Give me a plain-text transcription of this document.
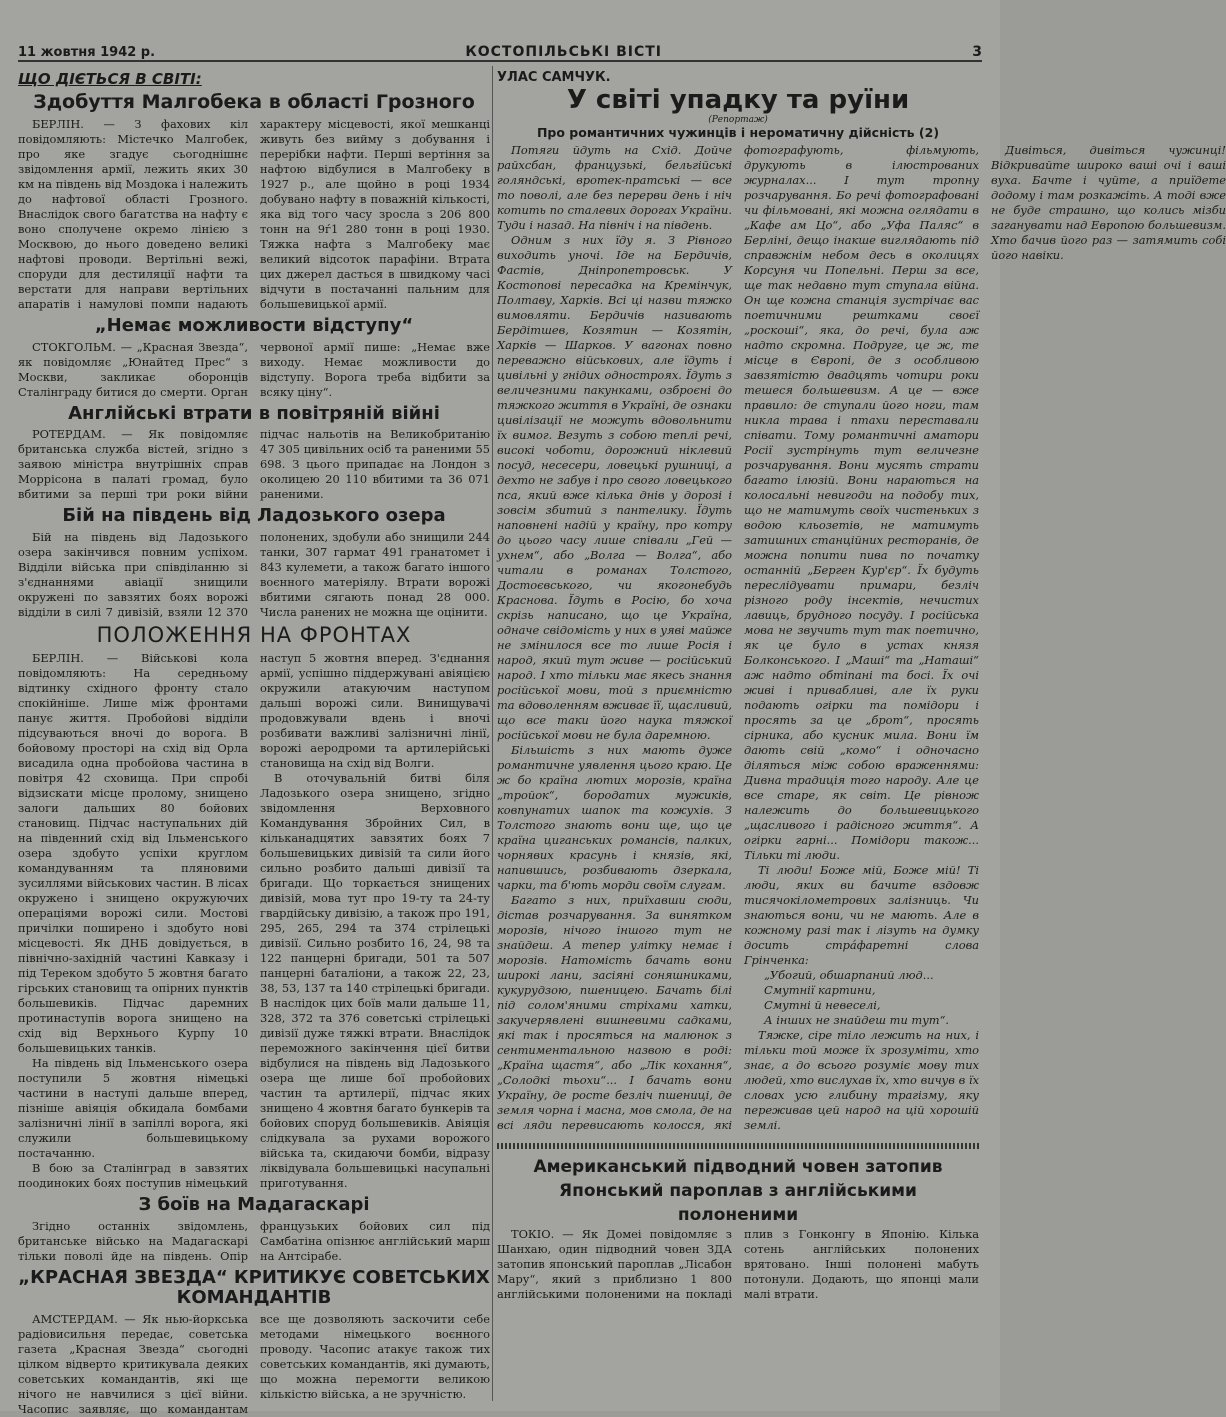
11 жовтня 1942 р.	КОСТОПІЛЬСЬКІ ВІСТІ	3
ЩО ДІЄТЬСЯ В СВІТІ:
Здобуття Малгобека в області Грозного

БЕРЛІН. — З фахових кіл повідомляють: Містечко Малгобек, про яке згадує сьогоднішнє звідомлення армії, лежить яких 30 км на південь від Моздока і належить до нафтової області Грозного. Внаслідок свого багатства на нафту є воно сполучене окремо лінією з Москвою, до нього доведено великі нафтові проводи. Вертільні вежі, споруди для дестиляції нафти та верстати для направи вертільних апаратів і намулові помпи надають характеру місцевості, якої мешканці живуть без вийму з добування і перерібки нафти. Перші вертіння за нафтою відбулися в Малгобеку в 1927 р., але щойно в році 1934 добувано нафту в поважній кількості, яка від того часу зросла з 206 800 тонн на 9ѓ1 280 тонн в році 1930. Тяжка нафта з Малгобеку має великий відсоток парафіни. Втрата цих джерел дасться в швидкому часі відчути в постачанні пальним для большевицької армії.

„Немає можливости відступу“

СТОКГОЛЬМ. — „Красная Звезда“, як повідомляє „Юнайтед Прес“ з Москви, закликає оборонців Сталінграду битися до смерти. Орган червоної армії пише: „Немає вже виходу. Немає можливости до відступу. Ворога треба відбити за всяку ціну“.

Англійські втрати в повітряній війні

РОТЕРДАМ. — Як повідомляє британська служба вістей, згідно з заявою міністра внутрішніх справ Моррісона в палаті громад, було вбитими за перші три роки війни підчас нальотів на Великобританію 47 305 цивільних осіб та раненими 55 698. З цього припадає на Лондон з околицею 20 110 вбитими та 36 071 раненими.

Бій на південь від Ладозького озера

Бій на південь від Ладозького озера закінчився повним успіхом. Відділи війська при співділанню зі з'єднаннями авіації знищили окружені по завзятих боях ворожі відділи в силі 7 дивізій, взяли 12 370 полонених, здобули або знищили 244 танки, 307 гармат 491 гранатомет і 843 кулемети, а також багато іншого воєнного матеріялу. Втрати ворожі вбитими сягають понад 28 000. Числа ранених не можна ще оцінити.

ПОЛОЖЕННЯ НА ФРОНТАХ

БЕРЛІН. — Військові кола повідомляють: На середньому відтинку східного фронту стало спокійніше. Лише між фронтами панує життя. Пробойові відділи підсуваються вночі до ворога. В бойовому просторі на схід від Орла висадила одна пробойова частина в повітря 42 сховища. При спробі відзискати місце пролому, знищено залоги дальших 80 бойових становищ. Підчас наступальних дій на південний схід від Ільменського озера здобуто успіхи круглом командуванням та пляновими зусиллями військових частин. В лісах окружено і знищено окружуючих операціями ворожі сили. Мостові причілки поширено і здобуто нові місцевості. Як ДНБ довідується, в північно-західній частині Кавказу і під Тереком здобуто 5 жовтня багато гірських становищ та опірних пунктів большевиків. Підчас даремних протинаступів ворога знищено на схід від Верхнього Курпу 10 большевицьких танків.

На південь від Ільменського озера поступили 5 жовтня німецькі частини в наступі дальше вперед, пізніше авіяція обкидала бомбами залізничні лінії в запіллі ворога, які служили большевицькому постачанню.

В бою за Сталінград в завзятих поодиноких боях поступив німецький наступ 5 жовтня вперед. З'єднання армії, успішно піддержувані авіяцією окружили атакуючим наступом дальші ворожі сили. Винищувачі продовжували вдень і вночі розбивати важливі залізничні лінії, ворожі аеродроми та артилерійські становища на схід від Волги.

В оточувальній битві біля Ладозького озера знищено, згідно звідомлення Верховного Командування Збройних Сил, в кільканадцятих завзятих боях 7 большевицьких дивізій та сили його сильно розбито дальші дивізії та бригади. Що торкається знищених дивізій, мова тут про 19-ту та 24-ту гвардійську дивізію, а також про 191, 295, 265, 294 та 374 стрілецькі дивізії. Сильно розбито 16, 24, 98 та 122 панцерні бригади, 501 та 507 панцерні баталіони, а також 22, 23, 38, 53, 137 та 140 стрілецькі бригади. В наслідок цих боїв мали дальше 11, 328, 372 та 376 советські стрілецькі дивізії дуже тяжкі втрати. Внаслідок переможного закінчення цієї битви відбулися на південь від Ладозького озера ще лише бої пробойових частин та артилерії, підчас яких знищено 4 жовтня багато бункерів та бойових споруд большевиків. Авіяція слідкувала за рухами ворожого війська та, скидаючи бомби, відразу ліквідувала большевицькі насупальні приготування.

З боїв на Мадагаскарі

Згідно останніх звідомлень, британське військо на Мадагаскарі тільки поволі йде на південь. Опір французьких бойових сил під Самбатіна опізнює англійський марш на Антсірабе.

„КРАСНАЯ ЗВЕЗДА“ КРИТИКУЄ СОВЕТСЬКИХ КОМАНДАНТІВ

АМСТЕРДАМ. — Як нью-йоркська радіовисильня передає, советська газета „Красная Звезда“ сьогодні цілком відверто критикувала деяких советських командантів, які ще нічого не навчилися з цієї війни. Часопис заявляє, що командантам все ще дозволяють заскочити себе методами німецького воєнного проводу. Часопис атакує також тих советських командантів, які думають, що можна перемогти великою кількістю війська, а не зручністю.

УЛАС САМЧУК.
У світі упадку та руїни
(Репортаж)
Про романтичних чужинців і нероматичну дійсність (2)

Потяги йдуть на Схід. Дойче райхсбан, французькі, бельгійські голяндські, вротек-пратські — все то поволі, але без перерви день і ніч котить по сталевих дорогах України. Туди і назад. На північ і на південь.

Одним з них їду я. З Рівного виходить уночі. Іде на Бердичів, Фастів, Дніпропетровськ. У Костопові пересадка на Кремінчук, Полтаву, Харків. Всі ці назви тяжко вимовляти. Бердичів називають Бердітшев, Козятин — Козятін, Харків — Шарков. У вагонах повно переважно військових, але їдуть і цивільні у гнідих одностроях. Їдуть з величезними пакунками, озброєні до тяжкого життя в Україні, де ознаки цивілізації не можуть вдовольнити їх вимог. Везуть з собою теплі речі, високі чоботи, дорожний ніклевий посуд, несесери, ловецькі рушниці, а дехто не забув і про свого ловецького пса, який вже кілька днів у дорозі і зовсім збитий з пантелику. Їдуть наповнені надій у країну, про котру до цього часу лише співали „Гей — ухнем“, або „Волга — Волга“, або читали в романах Толстого, Достоєвського, чи якогонебудь Краснова. Їдуть в Росію, бо хоча скрізь написано, що це Україна, одначе свідомість у них в уяві майже не змінилося все то лише Росія і народ, який тут живе — російський народ. І хто тільки має якесь знання російської мови, той з приємністю та вдоволенням вживає її, щасливий, що все таки його наука тяжкої російської мови не була даремною.

Більшість з них мають дуже романтичне уявлення цього краю. Це ж бо країна лютих морозів, країна „тройок“, бородатих мужиків, ковпунатих шапок та кожухів. З Толстого знають вони ще, що це країна циганських романсів, палких, чорнявих красунь і князів, які, напившись, розбивають дзеркала, чарки, та б'ють морди своїм слугам.

Багато з них, приїхавши сюди, дістав розчарування. За винятком морозів, нічого іншого тут не знайдеш. А тепер улітку немає і морозів. Натомість бачать вони широкі лани, засіяні соняшниками, кукурудзою, пшеницею. Бачать білі під солом'яними стріхами хатки, закучерявлені вишневими садками, які так і просяться на малюнок з сентиментальною назвою в роді: „Країна щастя“, або „Лік кохання“, „Солодкі тьохи“... І бачать вони Україну, де росте безліч пшениці, де земля чорна і масна, мов смола, де на всі ляди перевисають колосся, які фотографують, фільмують, друкують в ілюстрованих журналах... І тут тропну розчарування. Бо речі фотографовані чи фільмовані, які можна оглядати в „Кафе ам Цо“, або „Уфа Паляс“ в Берліні, дещо інакше виглядають під справжнім небом десь в околицях Корсуня чи Попельні. Перш за все, ще так недавно тут ступала війна. Он ще кожна станція зустрічає вас поетичними рештками своєї „роскоші“, яка, до речі, була аж надто скромна. Подруге, це ж, те місце в Європі, де з особливою завзятістю двадцять чотири роки тешеся большевизм. А це — вже правило: де ступали його ноги, там никла трава і птахи переставали співати. Тому романтичні аматори Росії зустрінуть тут величезне розчарування. Вони мусять страти багато ілюзій. Вони нараються на колосальні невигоди на подобу тих, що не матимуть своїх чистеньких з водою кльозетів, не матимуть затишних станційних ресторанів, де можна попити пива по початку останній „Берген Кур'єр“. Їх будуть переслідувати примари, безліч різного роду інсектів, нечистих лавиць, брудного посуду. І російська мова не звучить тут так поетично, як це було в устах князя Болконського. І „Маші“ та „Наташі“ аж надто обтіпані та босі. Їх очі живі і привабливі, але їх руки подають огірки та помідори і просять за це „брот“, просять сірника, або кусник мила. Вони їм дають свій „комо“ і одночасно діляться між собою враженнями: Дивна традиція того народу. Але це все старе, як світ. Це рівнож належить до большевицького „щасливого і радісного життя“. А огірки гарні... Помідори також... Тільки ті люди.

Ті люди! Боже мій, Боже мій! Ті люди, яких ви бачите вздовж тисячокілометрових залізниць. Чи знаються вони, чи не мають. Але в кожному разі так і лізуть на думку досить стрáфаретні слова Грінченка:

„Убогий, обшарпаний люд...

Смутнії картини,

Смутні й невеселі,

А інших не знайдеш ти тут“.

Тяжке, сіре тіло лежить на них, і тільки той може їх зрозуміти, хто знає, а до всього розуміє мову тих людей, хто вислухав їх, хто вичув в їх словах усю глибину трагізму, яку переживав цей народ на цій хорошій землі.

Дивіться, дивіться чужинці! Відкривайте широко ваші очі і ваші вуха. Бачте і чуйте, а приїдете додому і там розкажіть. А тоді вже не буде страшно, що колись мізби заганувати над Европою большевизм. Хто бачив його раз — затямить собі його навіки.

Американський підводний човен затопив
Японський пароплав з англійськими
полоненими

ТОКІО. — Як Домеі повідомляє з Шанхаю, один підводний човен ЗДА затопив японський пароплав „Лісабон Мару“, який з приблизно 1 800 англійськими полоненими на покладі плив з Гонконгу в Японію. Кілька сотень англійських полонених врятовано. Інші полонені мабуть потонули. Додають, що японці мали малі втрати.
